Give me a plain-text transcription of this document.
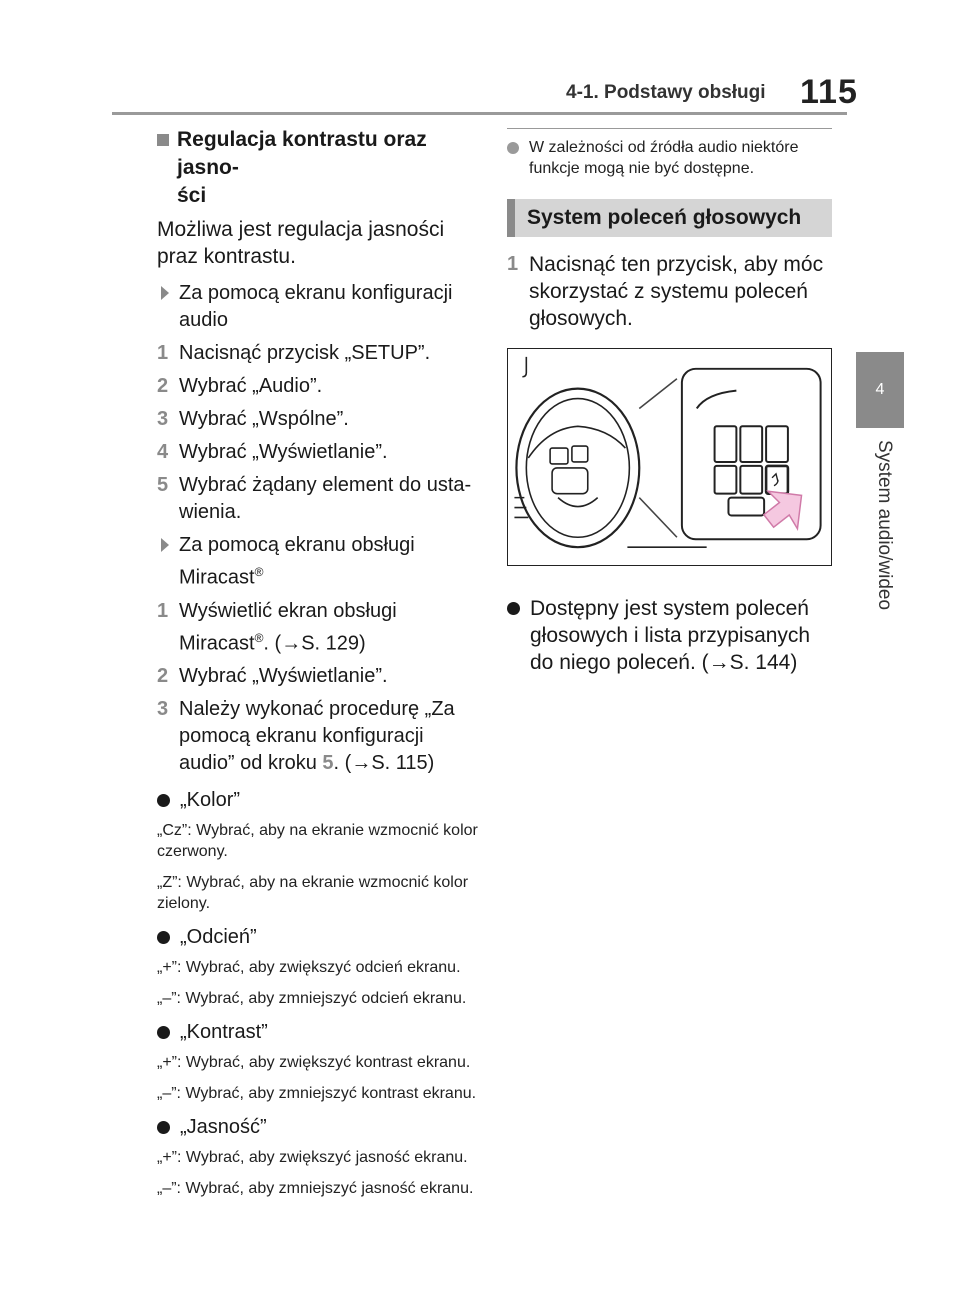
4-1. Podstawy obsługi 115
4
System audio/wideo
Regulacja kontrastu oraz jasno-
ści

Możliwa jest regulacja jasności praz kontrastu.

Za pomocą ekranu konfiguracji audio
1 Nacisnąć przycisk „SETUP”.
2 Wybrać „Audio”.
3 Wybrać „Wspólne”.
4 Wybrać „Wyświetlanie”.
5 Wybrać żądany element do usta-
wienia.
Za pomocą ekranu obsługi Miracast®
1 Wyświetlić ekran obsługi Miracast®. (→S. 129)
2 Wybrać „Wyświetlanie”.
3 Należy wykonać procedurę „Za pomocą ekranu konfiguracji audio” od kroku 5. (→S. 115)
„Kolor”

„Cz”: Wybrać, aby na ekranie wzmocnić kolor czerwony.

„Z”: Wybrać, aby na ekranie wzmocnić kolor zielony.

„Odcień”

„+”: Wybrać, aby zwiększyć odcień ekranu.

„–”: Wybrać, aby zmniejszyć odcień ekranu.

„Kontrast”

„+”: Wybrać, aby zwiększyć kontrast ekranu.

„–”: Wybrać, aby zmniejszyć kontrast ekranu.

„Jasność”

„+”: Wybrać, aby zwiększyć jasność ekranu.

„–”: Wybrać, aby zmniejszyć jasność ekranu.

W zależności od źródła audio niektóre funkcje mogą nie być dostępne.
System poleceń głosowych
1 Nacisnąć ten przycisk, aby móc skorzystać z systemu poleceń głosowych.
Dostępny jest system poleceń głosowych i lista przypisanych do niego poleceń. (→S. 144)
